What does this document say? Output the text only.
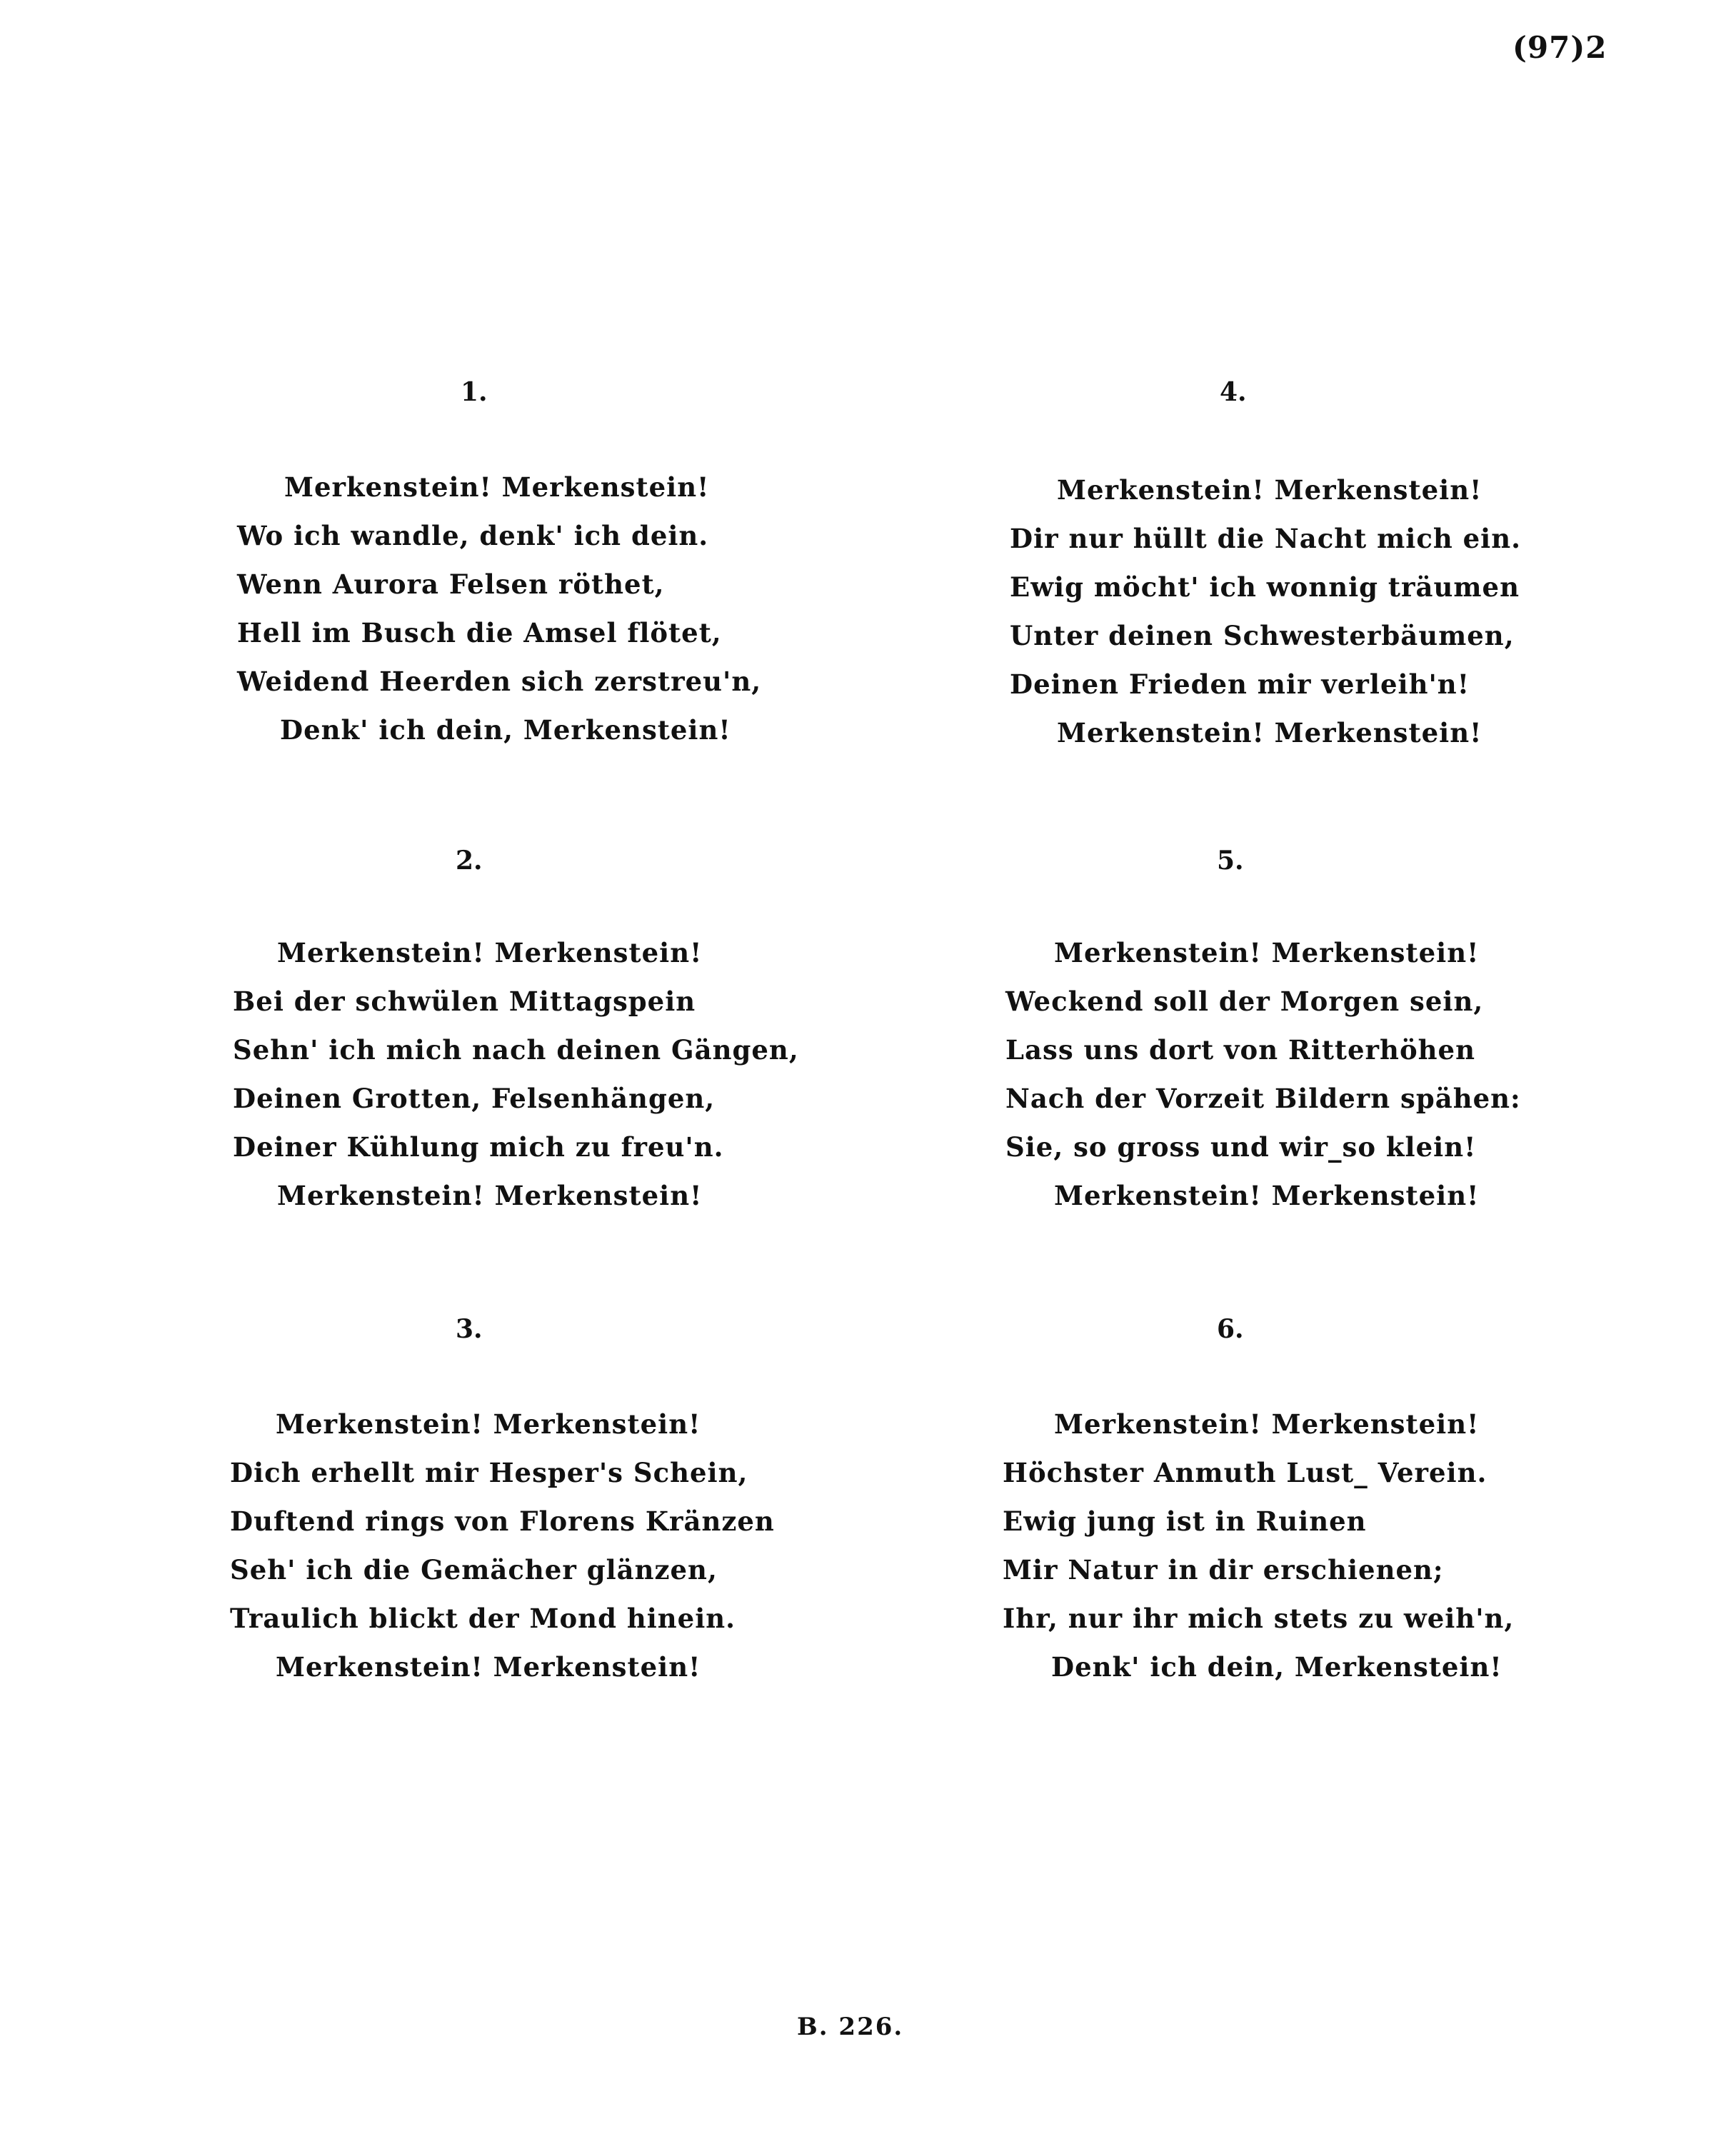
(97)2
1.
Merkenstein! Merkenstein!
Wo ich wandle, denk' ich dein.
Wenn Aurora Felsen röthet,
Hell im Busch die Amsel flötet,
Weidend Heerden sich zerstreu'n,
Denk' ich dein, Merkenstein!
2.
Merkenstein! Merkenstein!
Bei der schwülen Mittagspein
Sehn' ich mich nach deinen Gängen,
Deinen Grotten, Felsenhängen,
Deiner Kühlung mich zu freu'n.
Merkenstein! Merkenstein!
3.
Merkenstein! Merkenstein!
Dich erhellt mir Hesper's Schein,
Duftend rings von Florens Kränzen
Seh' ich die Gemächer glänzen,
Traulich blickt der Mond hinein.
Merkenstein! Merkenstein!
4.
Merkenstein! Merkenstein!
Dir nur hüllt die Nacht mich ein.
Ewig möcht' ich wonnig träumen
Unter deinen Schwesterbäumen,
Deinen Frieden mir verleih'n!
Merkenstein! Merkenstein!
5.
Merkenstein! Merkenstein!
Weckend soll der Morgen sein,
Lass uns dort von Ritterhöhen
Nach der Vorzeit Bildern spähen:
Sie, so gross und wir_so klein!
Merkenstein! Merkenstein!
6.
Merkenstein! Merkenstein!
Höchster Anmuth Lust_ Verein.
Ewig jung ist in Ruinen
Mir Natur in dir erschienen;
Ihr, nur ihr mich stets zu weih'n,
Denk' ich dein, Merkenstein!
B. 226.
